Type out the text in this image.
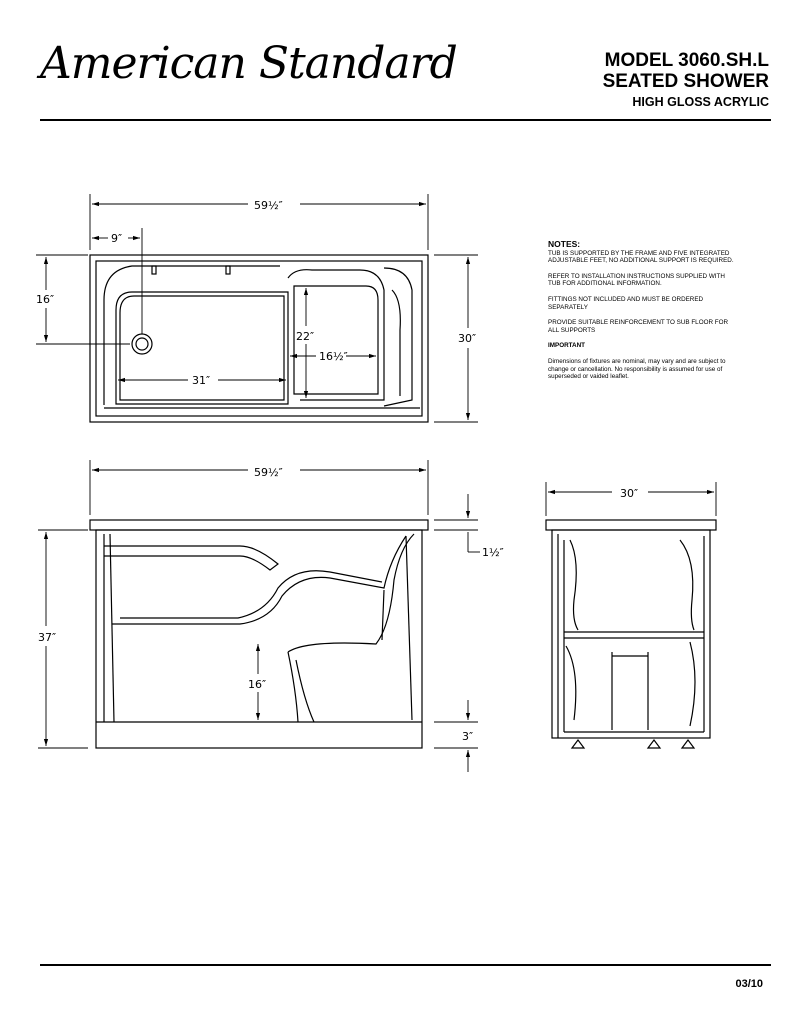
American Standard	MODEL 3060.SH.L
SEATED SHOWER
HIGH GLOSS ACRYLIC
NOTES:

TUB IS SUPPORTED BY THE FRAME AND FIVE INTEGRATED ADJUSTABLE FEET, NO ADDITIONAL SUPPORT IS REQUIRED.

REFER TO INSTALLATION INSTRUCTIONS SUPPLIED WITH TUB FOR ADDITIONAL INFORMATION.

FITTINGS NOT INCLUDED AND MUST BE ORDERED SEPARATELY

PROVIDE SUITABLE REINFORCEMENT TO SUB FLOOR FOR ALL SUPPORTS

IMPORTANT

Dimensions of fixtures are nominal, may vary and are subject to change or cancellation. No responsibility is assumed for use of superseded or vaided leaflet.

03/10
59½″
9″
16″
30″
22″
16½″
31″
59½″
37″
1½″
16″
3″
30″
